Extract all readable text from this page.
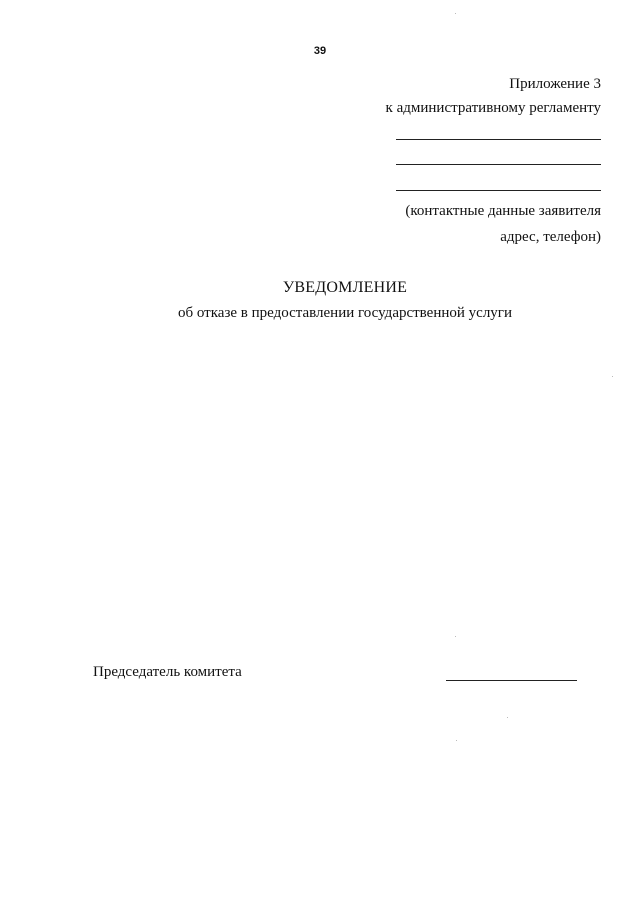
39
Приложение 3
к административному регламенту
(контактные данные заявителя
адрес, телефон)
УВЕДОМЛЕНИЕ
об отказе в предоставлении государственной услуги
Председатель комитета
